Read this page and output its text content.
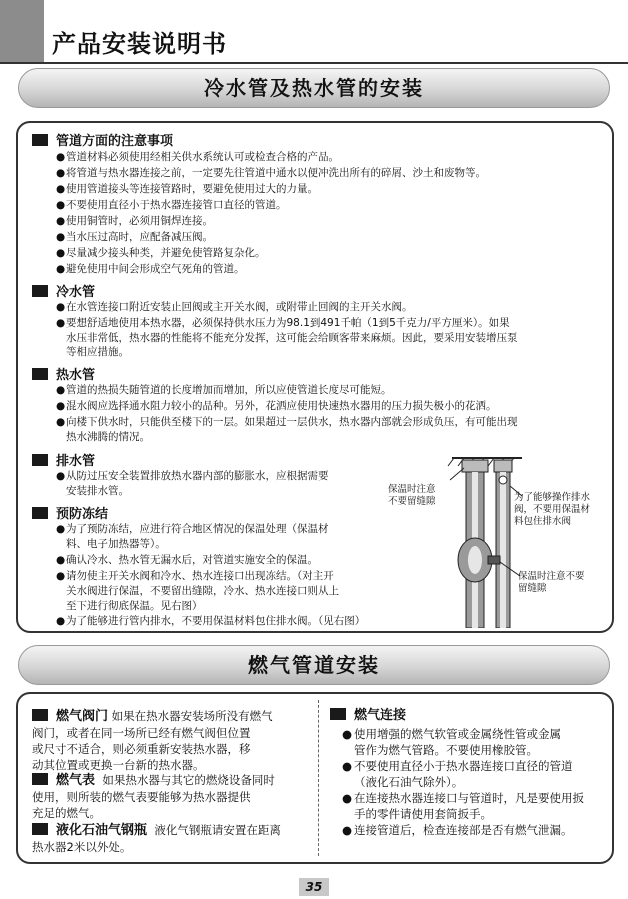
产品安装说明书
冷水管及热水管的安装
管道方面的注意事项
● 管道材料必须使用经相关供水系统认可或检查合格的产品。
● 将管道与热水器连接之前，一定要先往管道中通水以便冲洗出所有的碎屑、沙土和废物等。
● 使用管道接头等连接管路时，要避免使用过大的力量。
● 不要使用直径小于热水器连接管口直径的管道。
● 使用铜管时，必须用铜焊连接。
● 当水压过高时，应配备减压阀。
● 尽量减少接头种类，并避免使管路复杂化。
● 避免使用中间会形成空气死角的管道。
冷水管
● 在水管连接口附近安装止回阀或主开关水阀，或附带止回阀的主开关水阀。
● 要想舒适地使用本热水器，必须保持供水压力为98.1到491千帕（1到5千克力/平方厘米）。如果
水压非常低，热水器的性能将不能充分发挥，这可能会给顾客带来麻烦。因此，要采用安装增压泵
等相应措施。
热水管
● 管道的热损失随管道的长度增加而增加，所以应使管道长度尽可能短。
● 混水阀应选择通水阻力较小的品种。另外，花洒应使用快速热水器用的压力损失极小的花洒。
● 向楼下供水时，只能供至楼下的一层。如果超过一层供水，热水器内部就会形成负压，有可能出现
热水沸腾的情况。
排水管
● 从防过压安全装置排放热水器内部的膨胀水，应根据需要
安装排水管。
预防冻结
● 为了预防冻结，应进行符合地区情况的保温处理（保温材
料、电子加热器等）。
● 确认冷水、热水管无漏水后，对管道实施安全的保温。
● 请勿使主开关水阀和冷水、热水连接口出现冻结。（对主开
关水阀进行保温，不要留出缝隙，冷水、热水连接口则从上
至下进行彻底保温。见右图）
● 为了能够进行管内排水，不要用保温材料包住排水阀。（见右图）
保温时注意
不要留缝隙	为了能够操作排水
阀，不要用保温材
料包住排水阀
保温时注意不要
留缝隙
燃气管道安装
燃气阀门 如果在热水器安装场所没有燃气
阀门，或者在同一场所已经有燃气阀但位置
或尺寸不适合，则必须重新安装热水器，移
动其位置或更换一台新的热水器。
燃气表 如果热水器与其它的燃烧设备同时
使用，则所装的燃气表要能够为热水器提供
充足的燃气。
液化石油气钢瓶 液化气钢瓶请安置在距离
热水器2米以外处。
燃气连接
● 使用增强的燃气软管或金属绕性管或金属
管作为燃气管路。不要使用橡胶管。
● 不要使用直径小于热水器连接口直径的管道
（液化石油气除外）。
● 在连接热水器连接口与管道时，凡是要使用扳
手的零件请使用套筒扳手。
● 连接管道后，检查连接部是否有燃气泄漏。
35
